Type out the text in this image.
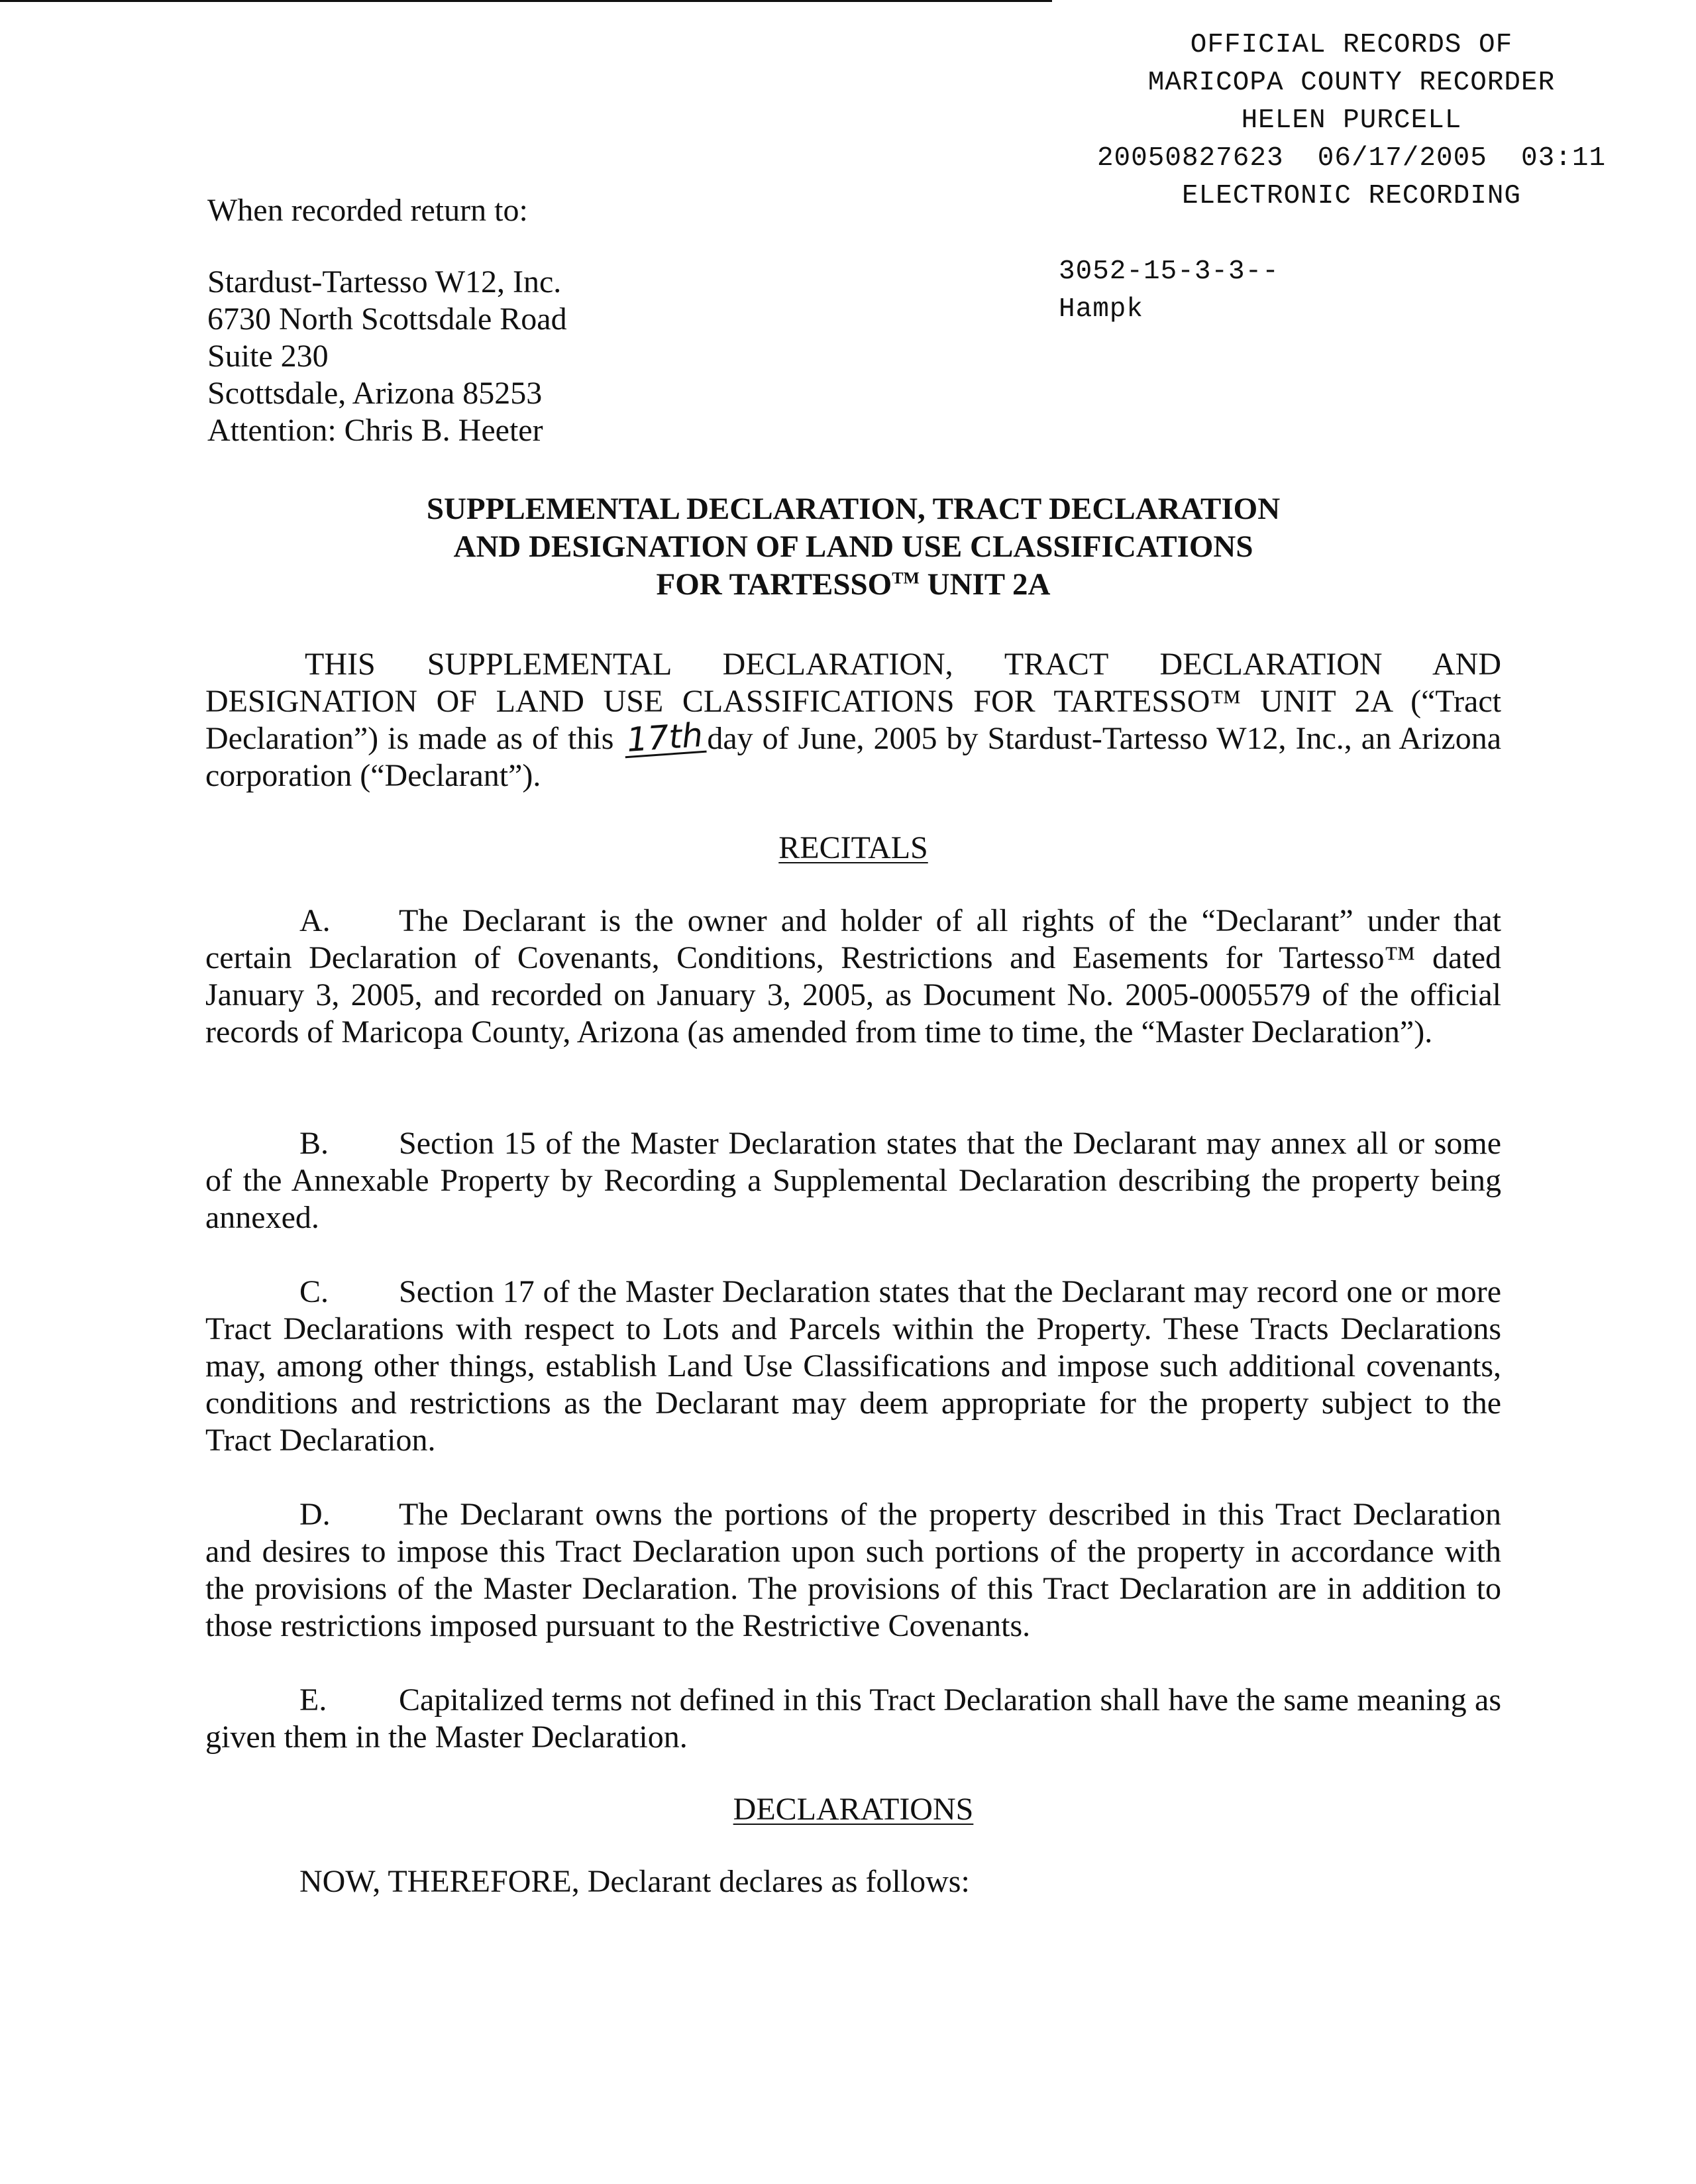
OFFICIAL RECORDS OF
MARICOPA COUNTY RECORDER
HELEN PURCELL
20050827623  06/17/2005  03:11
ELECTRONIC RECORDING
3052-15-3-3--
Hampk
When recorded return to:
Stardust-Tartesso W12, Inc.
6730 North Scottsdale Road
Suite 230
Scottsdale, Arizona 85253
Attention: Chris B. Heeter
SUPPLEMENTAL DECLARATION, TRACT DECLARATION
AND DESIGNATION OF LAND USE CLASSIFICATIONS
FOR TARTESSO™ UNIT 2A
THIS SUPPLEMENTAL DECLARATION, TRACT DECLARATION AND
DESIGNATION OF LAND USE CLASSIFICATIONS FOR TARTESSO™ UNIT 2A (“Tract
Declaration”) is made as of this 17thday of June, 2005 by Stardust-Tartesso W12, Inc., an Arizona
corporation (“Declarant”).
RECITALS
A. The Declarant is the owner and holder of all rights of the “Declarant” under that certain Declaration of Covenants, Conditions, Restrictions and Easements for Tartesso™ dated January 3, 2005, and recorded on January 3, 2005, as Document No. 2005-0005579 of the official records of Maricopa County, Arizona (as amended from time to time, the “Master Declaration”).
B. Section 15 of the Master Declaration states that the Declarant may annex all or some of the Annexable Property by Recording a Supplemental Declaration describing the property being annexed.
C. Section 17 of the Master Declaration states that the Declarant may record one or more Tract Declarations with respect to Lots and Parcels within the Property. These Tracts Declarations may, among other things, establish Land Use Classifications and impose such additional covenants, conditions and restrictions as the Declarant may deem appropriate for the property subject to the Tract Declaration.
D. The Declarant owns the portions of the property described in this Tract Declaration and desires to impose this Tract Declaration upon such portions of the property in accordance with the provisions of the Master Declaration. The provisions of this Tract Declaration are in addition to those restrictions imposed pursuant to the Restrictive Covenants.
E. Capitalized terms not defined in this Tract Declaration shall have the same meaning as given them in the Master Declaration.
DECLARATIONS
NOW, THEREFORE, Declarant declares as follows:
